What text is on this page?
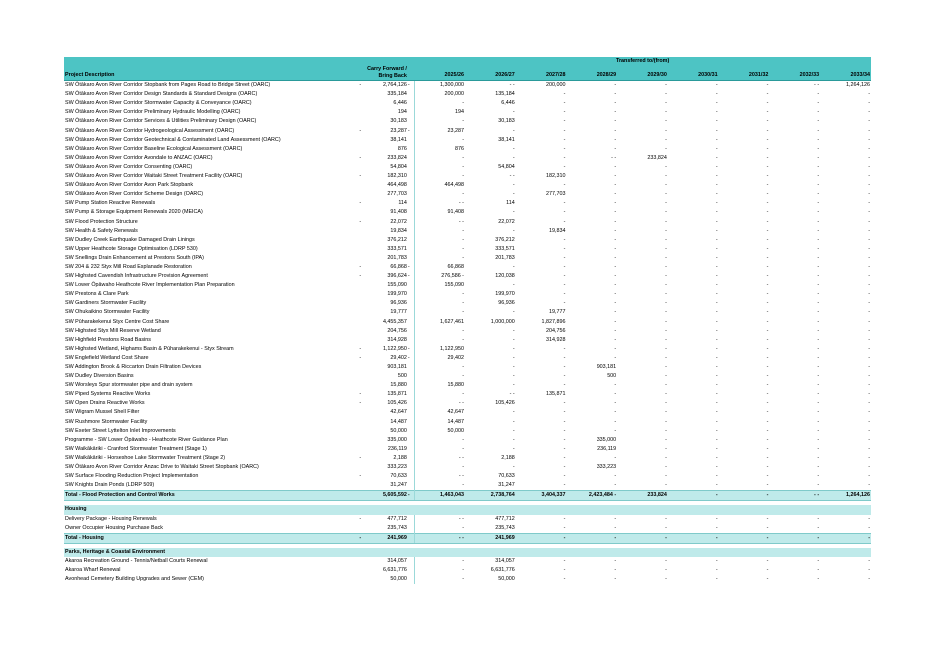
				Transferred to/(from)								
Project Description		Carry Forward / Bring Back		2025/26	2026/27	2027/28	2028/29	2029/30	2030/31	2031/32	2032/33	2033/34
SW Ōtākaro Avon River Corridor Stopbank from Pages Road to Bridge Street (OARC)	-	2,764,126	-	1,300,000	- -	200,000	-	-	-	-	- -	1,264,126
SW Ōtākaro Avon River Corridor Design Standards & Standard Designs (OARC)		335,184		200,000	135,184	-	-	-	-	-	-	-
SW Ōtākaro Avon River Corridor Stormwater Capacity & Conveyance (OARC)		6,446		-	6,446	-	-	-	-	-	-	-
SW Ōtākaro Avon River Corridor Preliminary Hydraulic Modelling (OARC)		194		194	-	-	-	-	-	-	-	-
SW Ōtākaro Avon River Corridor Services & Utilities Preliminary Design (OARC)		30,183		-	30,183	-	-	-	-	-	-	-
SW Ōtākaro Avon River Corridor Hydrogeological Assessment (OARC)	-	23,287	-	23,287	-	-	-	-	-	-	-	-
SW Ōtākaro Avon River Corridor Geotechnical & Contaminated Land Assessment (OARC)		38,141		-	38,141	-	-	-	-	-	-	-
SW Ōtākaro Avon River Corridor Baseline Ecological Assessment (OARC)		876		876	-	-	-	-	-	-	-	-
SW Ōtākaro Avon River Corridor Avondale to ANZAC (OARC)	-	233,824		-	-	-	- -	233,824	-	-	-	-
SW Ōtākaro Avon River Corridor Consenting (OARC)		54,804		-	54,804	-	-	-	-	-	-	-
SW Ōtākaro Avon River Corridor Waitaki Street Treatment Facility (OARC)	-	182,310		-	- -	182,310	-	-	-	-	-	-
SW Ōtākaro Avon River Corridor Avon Park Stopbank		464,498		464,498	-	-	-	-	-	-	-	-
SW Ōtākaro Avon River Corridor Scheme Design (OARC)		277,703		-	-	277,703	-	-	-	-	-	-
SW Pump Station Reactive Renewals	-	114		- -	114	-	-	-	-	-	-	-
SW Pump & Storage Equipment Renewals 2020 (MEICA)		91,408		91,408	-	-	-	-	-	-	-	-
SW Flood Protection Structure	-	22,072		- -	22,072	-	-	-	-	-	-	-
SW Health & Safety Renewals		19,834		-	-	19,834	-	-	-	-	-	-
SW Dudley Creek Earthquake Damaged Drain Linings		376,212		-	376,212	-	-	-	-	-	-	-
SW Upper Heathcote Storage Optimisation (LDRP 530)		333,571		-	333,571	-	-	-	-	-	-	-
SW Snellings Drain Enhancement at Prestons South (IPA)		201,783		-	201,783	-	-	-	-	-	-	-
SW 204 & 232 Styx Mill Road Esplanade Restoration	-	66,868	-	66,868	-	-	-	-	-	-	-	-
SW Highsted Cavendish Infrastructure Provision Agreement	-	396,624	-	276,586 -	120,038	-	-	-	-	-	-	-
SW Lower Ōpāwaho Heathcote River Implementation Plan Preparation		155,090		155,090	-	-	-	-	-	-	-	-
SW Prestons & Clare Park		199,970		-	199,970	-	-	-	-	-	-	-
SW Gardiners Stormwater Facility		96,936		-	96,936	-	-	-	-	-	-	-
SW Ohukaikino Stormwater Facility		19,777		-	-	19,777	-	-	-	-	-	-
SW Pūharakekenui Styx Centre Cost Share		4,455,357		1,627,461	1,000,000	1,827,896	-	-	-	-	-	-
SW Highsted Styx Mill Reserve Wetland		204,756		-	-	204,756	-	-	-	-	-	-
SW Highfield Prestons Road Basins		314,928		-	-	314,928	-	-	-	-	-	-
SW Highsted Wetland, Highams Basin & Pūharakekenui - Styx Stream	-	1,122,950	-	1,122,950	-	-	-	-	-	-	-	-
SW Englefield Wetland Cost Share	-	29,402	-	29,402	-	-	-	-	-	-	-	-
SW Addington Brook & Riccarton Drain Filtration Devices		903,181		-	-	-	903,181	-	-	-	-	-
SW Dudley Diversion Basins		500		-	-	-	500	-	-	-	-	-
SW Worsleys Spur stormwater pipe and drain system		15,880		15,880	-	-	-	-	-	-	-	-
SW Piped Systems Reactive Works	-	135,871		-	- -	135,871	-	-	-	-	-	-
SW Open Drains Reactive Works	-	105,426		- -	105,426	-	-	-	-	-	-	-
SW Wigram Mussel Shell Filter		42,647		42,647	-	-	-	-	-	-	-	-
SW Rushmore Stormwater Facility		14,487		14,487	-	-	-	-	-	-	-	-
SW Exeter Street Lyttelton Inlet Improvements		50,000		50,000	-	-	-	-	-	-	-	-
Programme - SW Lower Ōpāwaho - Heathcote River Guidance Plan		335,000		-	-	-	335,000	-	-	-	-	-
SW Waikākāriki - Cranford Stormwater Treatment (Stage 1)		236,119		-	-	-	236,119	-	-	-	-	-
SW Waikākāriki - Horseshoe Lake Stormwater Treatment (Stage 2)	-	2,188		- -	2,188	-	-	-	-	-	-	-
SW Ōtākaro Avon River Corridor Anzac Drive to Waitaki Street Stopbank (OARC)		333,223		-	-	-	333,223	-	-	-	-	-
SW Surface Flooding Reduction Project Implementation	-	70,633		- -	70,633	-	-	-	-	-	-	-
SW Knights Drain Ponds (LDRP 509)		31,247		-	31,247	-	-	-	-	-	-	-
Total - Flood Protection and Control Works		5,605,592	-	1,463,043	2,738,764	3,404,337	2,423,484 -	233,824	-	-	- -	1,264,126

Housing												
Delivery Package - Housing Renewals	-	477,712		- -	477,712	-	-	-	-	-	-	-
Owner Occupier Housing Purchase Back		235,743		-	235,743	-	-	-	-	-	-	-
Total - Housing	-	241,969		- -	241,969	-	-	-	-	-	-	-

Parks, Heritage & Coastal Environment												
Akaroa Recreation Ground - Tennis/Netball Courts Renewal		314,057		-	314,057	-	-	-	-	-	-	-
Akaroa Wharf Renewal		6,631,776		-	6,631,776	-	-	-	-	-	-	-
Avonhead Cemetery Building Upgrades and Sewer (CEM)		50,000		-	50,000	-	-	-	-	-	-	-
